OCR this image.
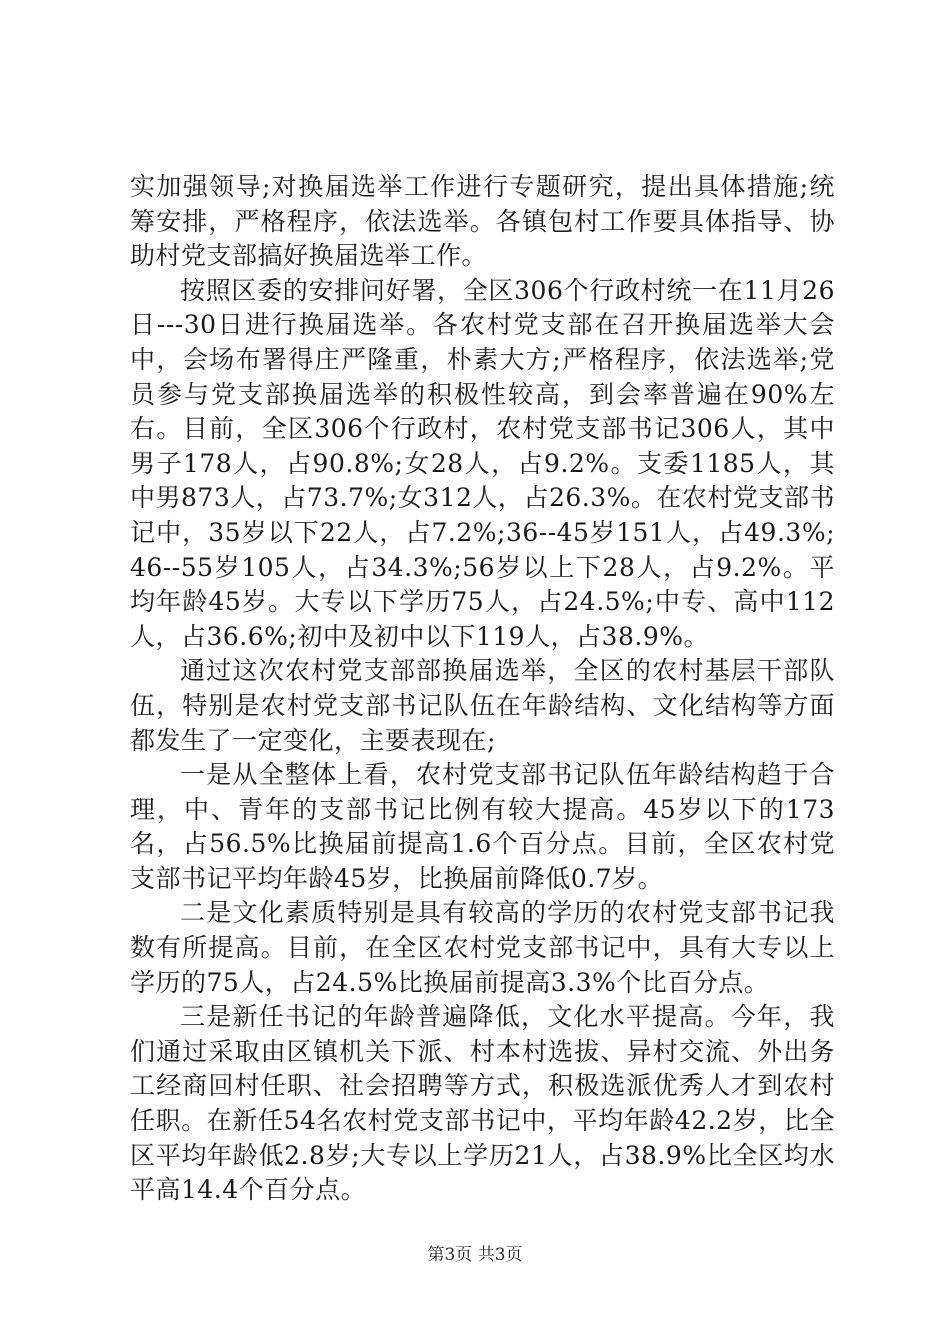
实加强领导;对换届选举工作进行专题研究，提出具体措施;统筹安排，严格程序，依法选举。各镇包村工作要具体指导、协助村党支部搞好换届选举工作。

按照区委的安排问好署，全区306个行政村统一在11月26日---30日进行换届选举。各农村党支部在召开换届选举大会中，会场布署得庄严隆重，朴素大方;严格程序，依法选举;党员参与党支部换届选举的积极性较高，到会率普遍在90%左右。目前，全区306个行政村，农村党支部书记306人，其中男子178人，占90.8%;女28人，占9.2%。支委1185人，其中男873人，占73.7%;女312人，占26.3%。在农村党支部书记中，35岁以下22人，占7.2%;36--45岁151人，占49.3%;46--55岁105人，占34.3%;56岁以上下28人，占9.2%。平均年龄45岁。大专以下学历75人，占24.5%;中专、高中112人，占36.6%;初中及初中以下119人，占38.9%。

通过这次农村党支部部换届选举，全区的农村基层干部队伍，特别是农村党支部书记队伍在年龄结构、文化结构等方面都发生了一定变化，主要表现在;

一是从全整体上看，农村党支部书记队伍年龄结构趋于合理，中、青年的支部书记比例有较大提高。45岁以下的173名，占56.5%比换届前提高1.6个百分点。目前，全区农村党支部书记平均年龄45岁，比换届前降低0.7岁。

二是文化素质特别是具有较高的学历的农村党支部书记我数有所提高。目前，在全区农村党支部书记中，具有大专以上学历的75人，占24.5%比换届前提高3.3%个比百分点。

三是新任书记的年龄普遍降低，文化水平提高。今年，我们通过采取由区镇机关下派、村本村选拔、异村交流、外出务工经商回村任职、社会招聘等方式，积极选派优秀人才到农村任职。在新任54名农村党支部书记中，平均年龄42.2岁，比全区平均年龄低2.8岁;大专以上学历21人，占38.9%比全区均水平高14.4个百分点。

第3页 共3页
